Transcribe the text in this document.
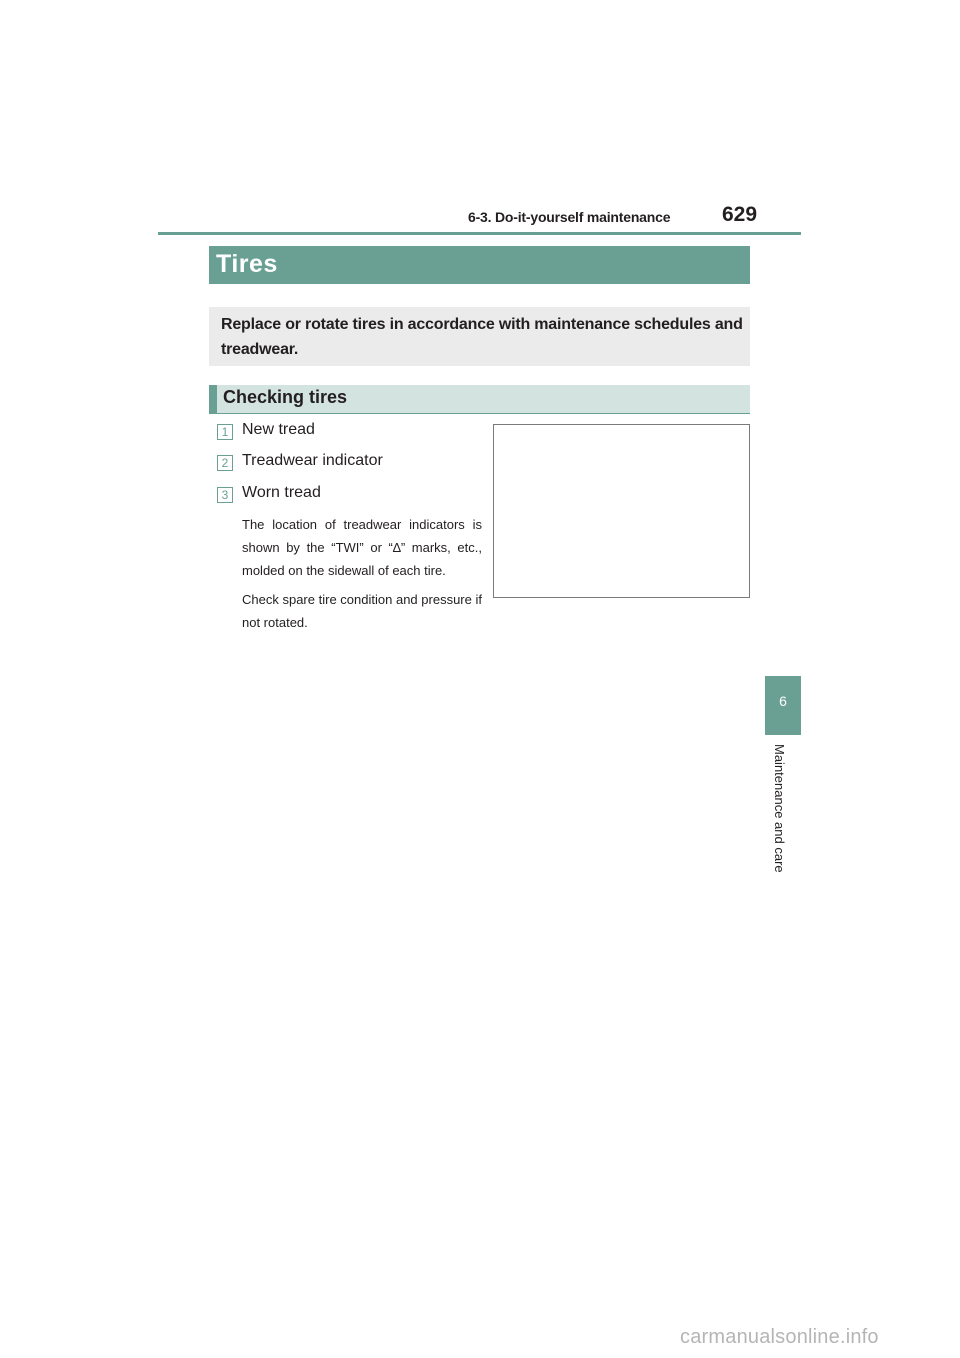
6-3. Do-it-yourself maintenance 629
Tires
Replace or rotate tires in accordance with maintenance schedules and treadwear.
Checking tires
1 New tread
2 Treadwear indicator
3 Worn tread
The location of treadwear indicators is shown by the “TWI” or “∆” marks, etc., molded on the sidewall of each tire.
Check spare tire condition and pressure if not rotated.
6
Maintenance and care
carmanualsonline.info
